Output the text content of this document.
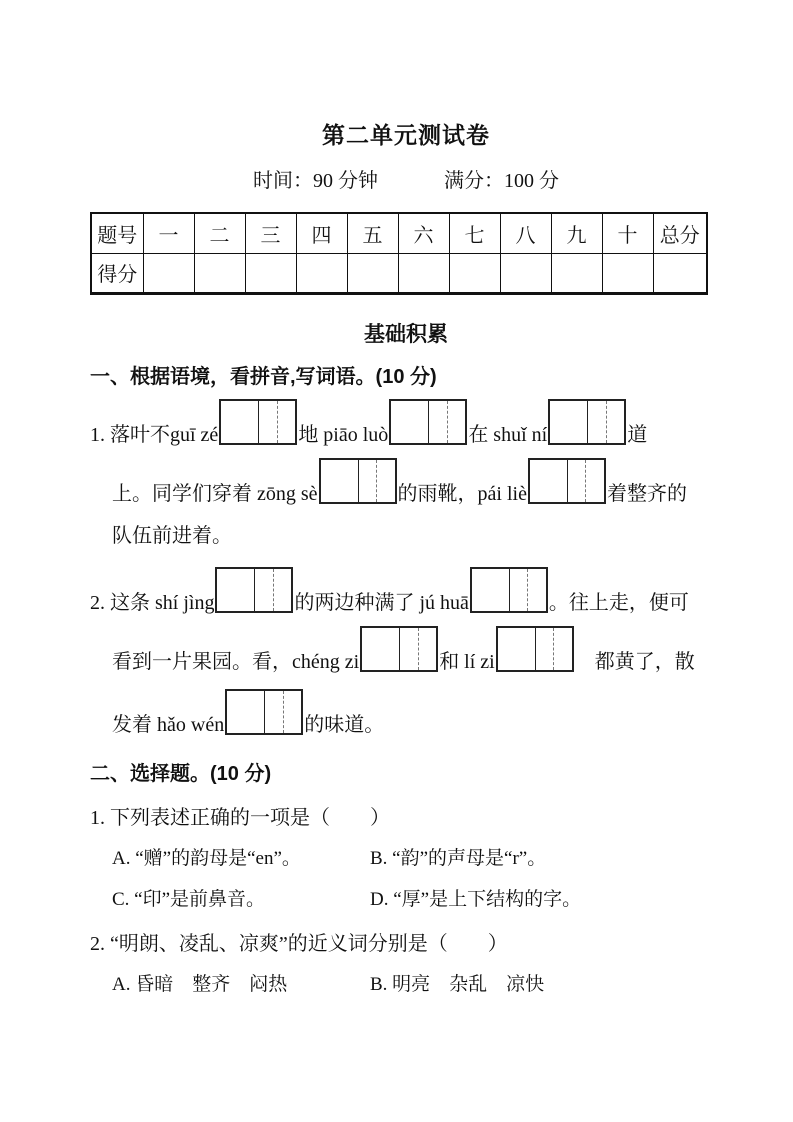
第二单元测试卷
时间：90 分钟	满分：100 分
题号	一	二	三	四	五	六	七	八	九	十	总分
得分											
基础积累
一、根据语境，看拼音,写词语。(10 分)
1. 落叶不guī zé	地 piāo luò	在 shuǐ ní	道
上。同学们穿着 zōng sè	的雨靴，pái liè	着整齐的
队伍前进着。
2. 这条 shí jìng	的两边种满了 jú huā	。往上走，便可
看到一片果园。看，chéng zi	和 lí zi	　都黄了，散
发着 hǎo wén	的味道。
二、选择题。(10 分)
1. 下列表述正确的一项是（　　）
A. “赠”的韵母是“en”。	B. “韵”的声母是“r”。
C. “印”是前鼻音。	D. “厚”是上下结构的字。
2. “明朗、凌乱、凉爽”的近义词分别是（　　）
A. 昏暗　整齐　闷热	B. 明亮　杂乱　凉快
